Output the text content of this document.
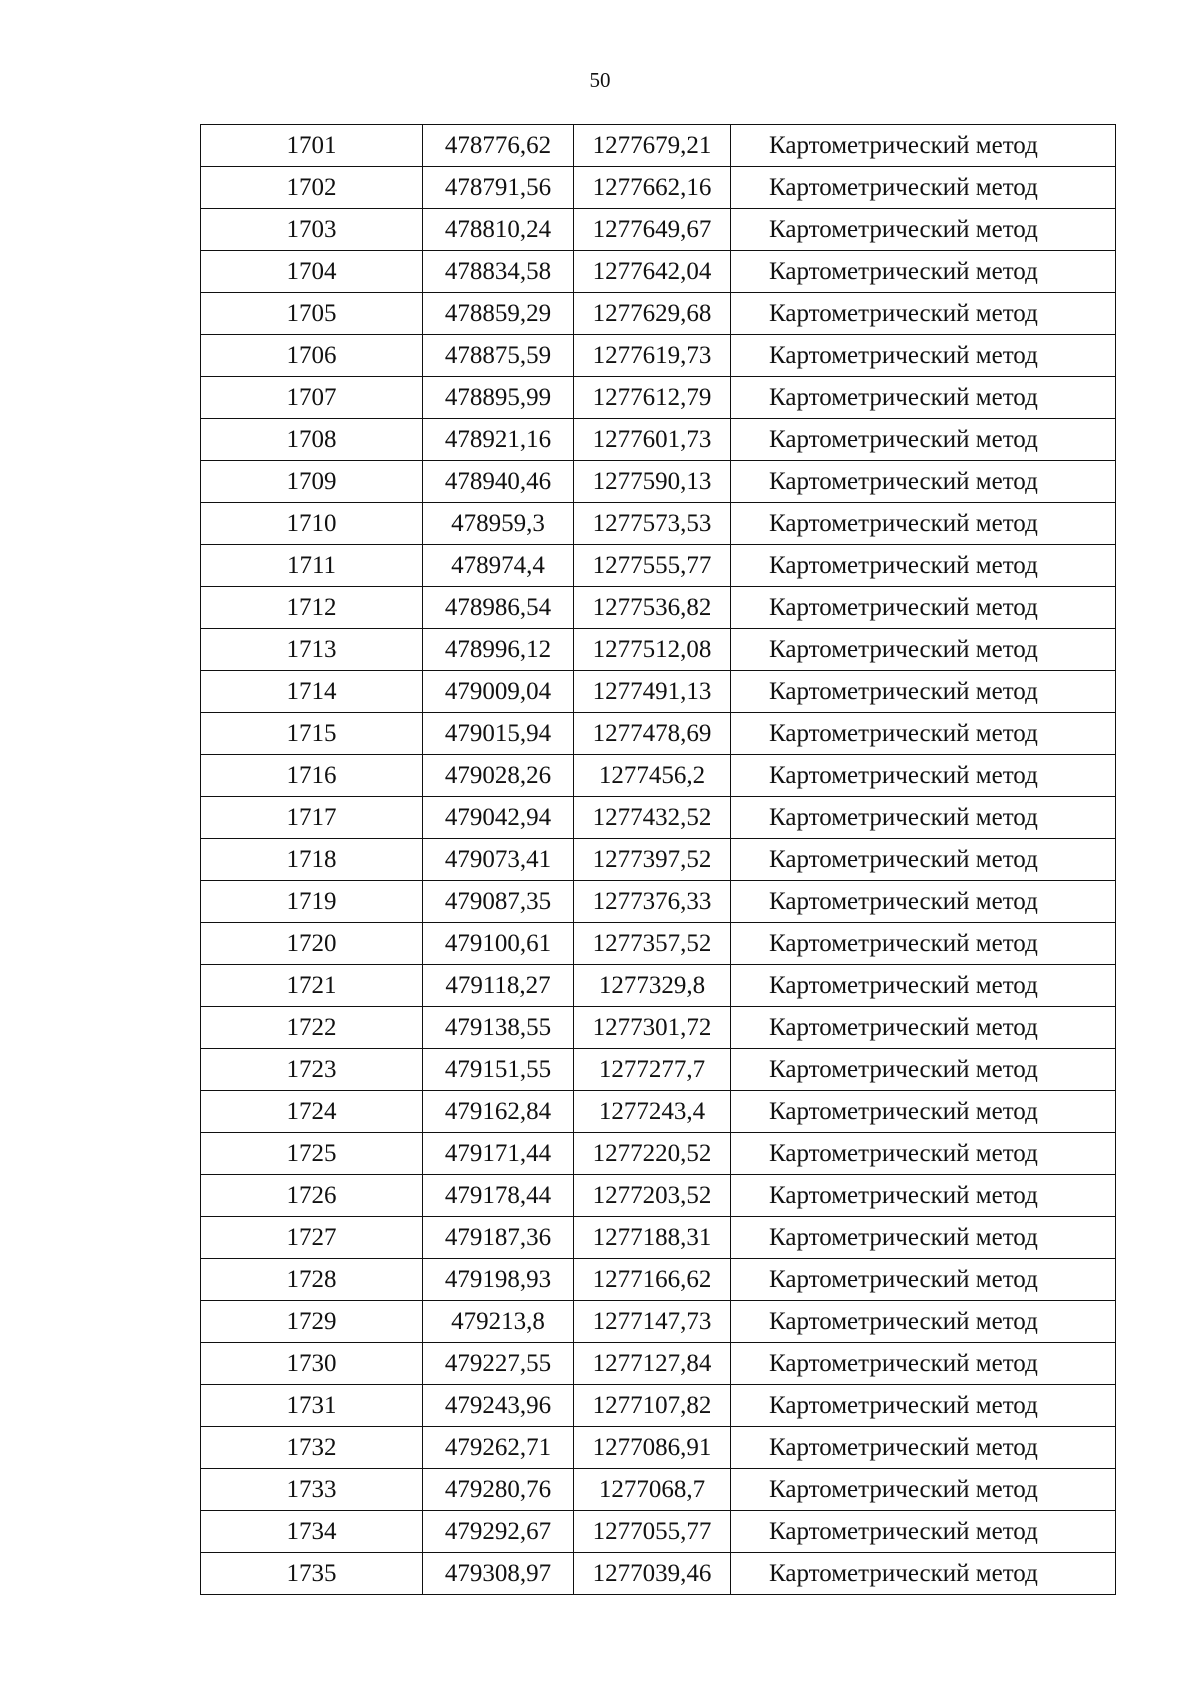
50
1701	478776,62	1277679,21	Картометрический метод
1702	478791,56	1277662,16	Картометрический метод
1703	478810,24	1277649,67	Картометрический метод
1704	478834,58	1277642,04	Картометрический метод
1705	478859,29	1277629,68	Картометрический метод
1706	478875,59	1277619,73	Картометрический метод
1707	478895,99	1277612,79	Картометрический метод
1708	478921,16	1277601,73	Картометрический метод
1709	478940,46	1277590,13	Картометрический метод
1710	478959,3	1277573,53	Картометрический метод
1711	478974,4	1277555,77	Картометрический метод
1712	478986,54	1277536,82	Картометрический метод
1713	478996,12	1277512,08	Картометрический метод
1714	479009,04	1277491,13	Картометрический метод
1715	479015,94	1277478,69	Картометрический метод
1716	479028,26	1277456,2	Картометрический метод
1717	479042,94	1277432,52	Картометрический метод
1718	479073,41	1277397,52	Картометрический метод
1719	479087,35	1277376,33	Картометрический метод
1720	479100,61	1277357,52	Картометрический метод
1721	479118,27	1277329,8	Картометрический метод
1722	479138,55	1277301,72	Картометрический метод
1723	479151,55	1277277,7	Картометрический метод
1724	479162,84	1277243,4	Картометрический метод
1725	479171,44	1277220,52	Картометрический метод
1726	479178,44	1277203,52	Картометрический метод
1727	479187,36	1277188,31	Картометрический метод
1728	479198,93	1277166,62	Картометрический метод
1729	479213,8	1277147,73	Картометрический метод
1730	479227,55	1277127,84	Картометрический метод
1731	479243,96	1277107,82	Картометрический метод
1732	479262,71	1277086,91	Картометрический метод
1733	479280,76	1277068,7	Картометрический метод
1734	479292,67	1277055,77	Картометрический метод
1735	479308,97	1277039,46	Картометрический метод
